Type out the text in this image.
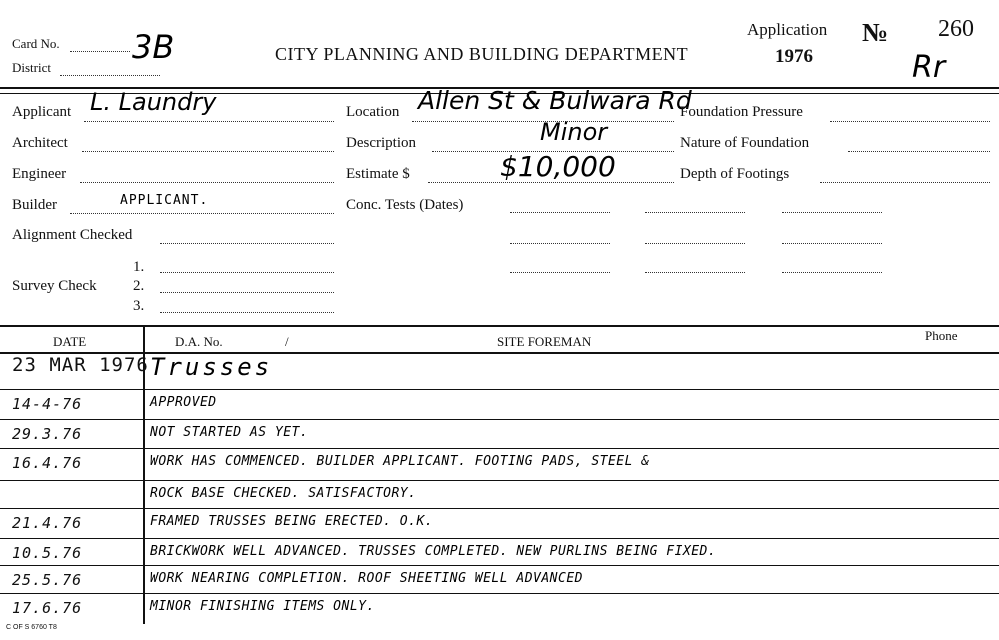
Card No. 3B
District
CITY PLANNING AND BUILDING DEPARTMENT
Application
1976
№ 260
Rr
Applicant L. Laundry
Architect
Engineer
Builder	APPLICANT.
Alignment Checked
Survey Check
1.
2.
3.
Location Allen St & Bulwara Rd
Description	Minor
Estimate $	$10,000
Conc. Tests (Dates)
Foundation Pressure
Nature of Foundation
Depth of Footings
DATE	D.A. No.	/	SITE FOREMAN	Phone
23 MAR 1976 Trusses
14-4-76	APPROVED
29.3.76	NOT STARTED AS YET.
16.4.76	WORK HAS COMMENCED. BUILDER APPLICANT. FOOTING PADS, STEEL &
ROCK BASE CHECKED. SATISFACTORY.
21.4.76	FRAMED TRUSSES BEING ERECTED. O.K.
10.5.76	BRICKWORK WELL ADVANCED. TRUSSES COMPLETED. NEW PURLINS BEING FIXED.
25.5.76	WORK NEARING COMPLETION. ROOF SHEETING WELL ADVANCED
17.6.76	MINOR FINISHING ITEMS ONLY.
C OF S 6760 T8
